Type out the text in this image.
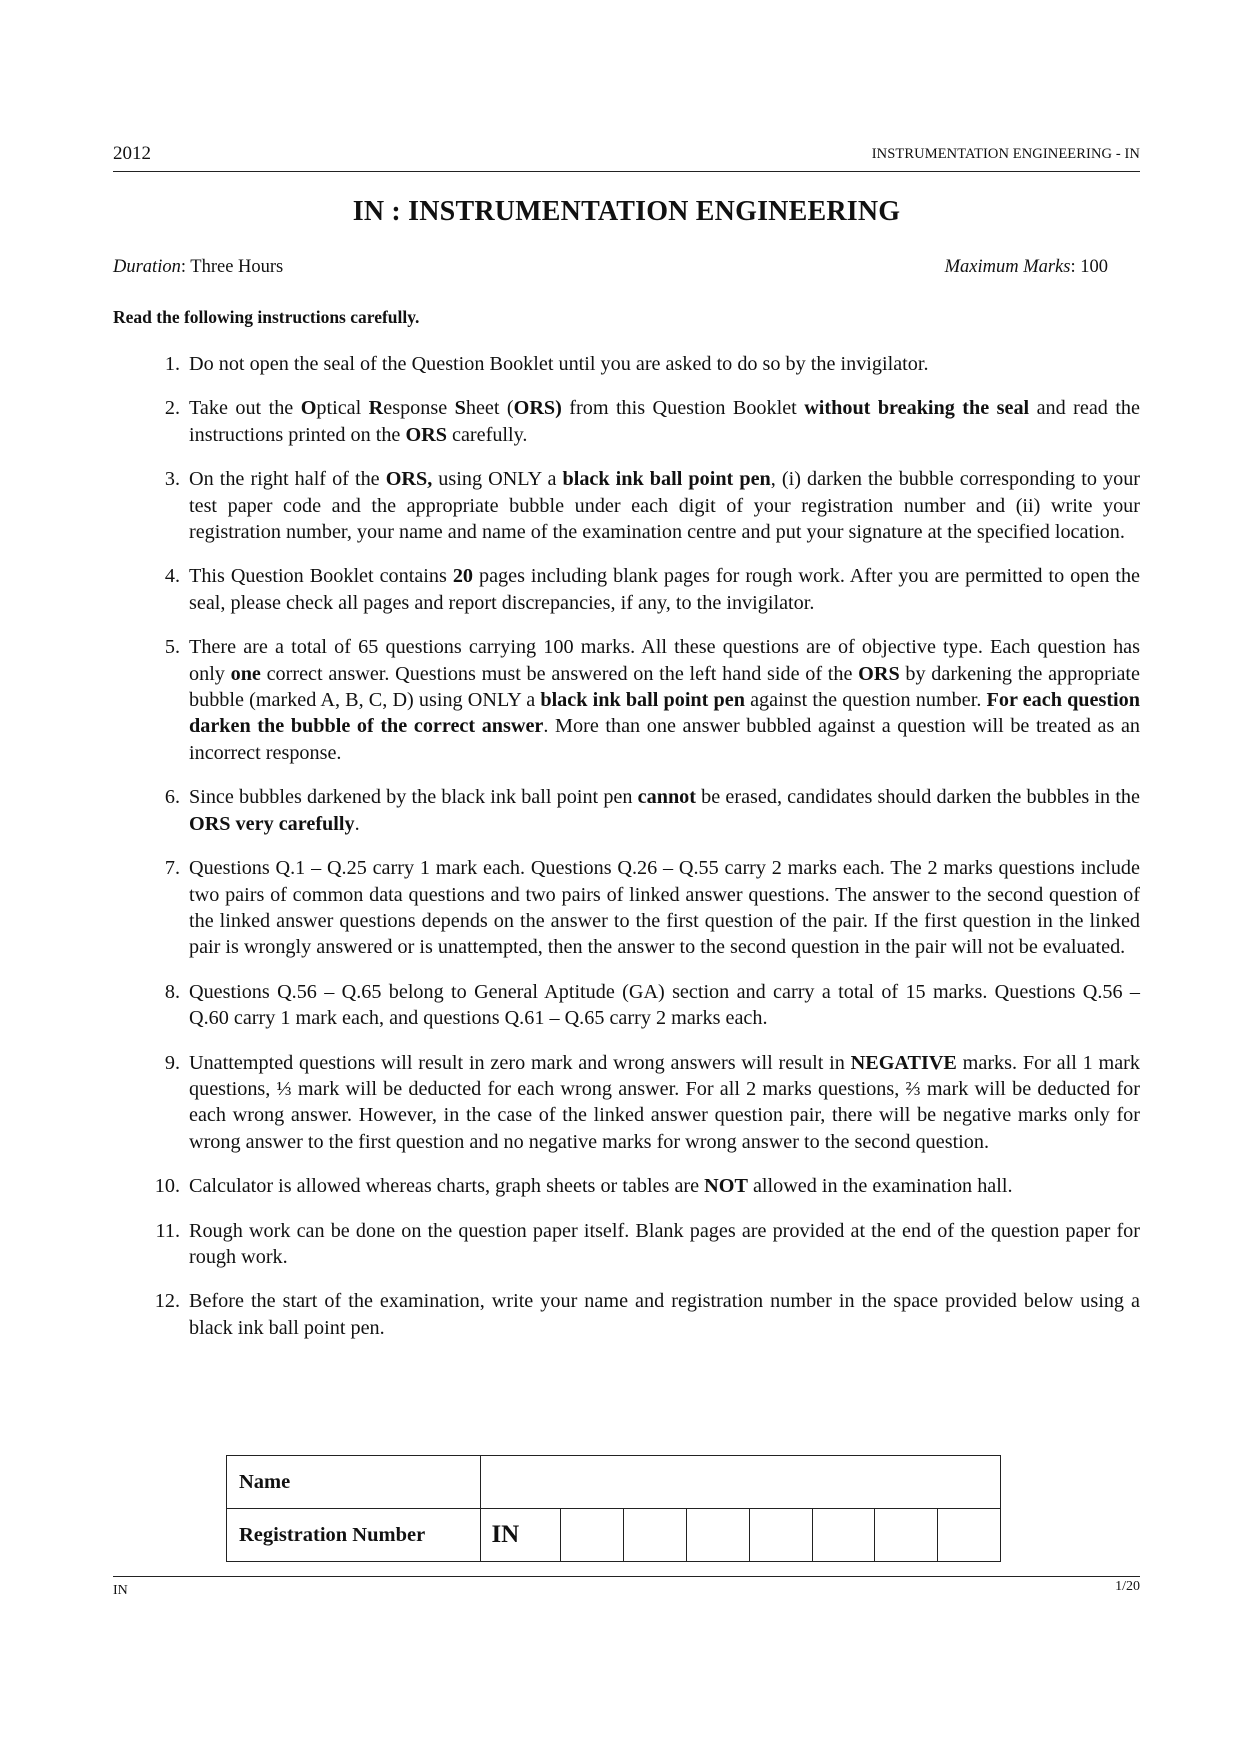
2012	INSTRUMENTATION ENGINEERING - IN
IN : INSTRUMENTATION ENGINEERING
Duration: Three Hours	Maximum Marks: 100
Read the following instructions carefully.
1. Do not open the seal of the Question Booklet until you are asked to do so by the invigilator.
2. Take out the Optical Response Sheet (ORS) from this Question Booklet without breaking the seal and read the instructions printed on the ORS carefully.
3. On the right half of the ORS, using ONLY a black ink ball point pen, (i) darken the bubble corresponding to your test paper code and the appropriate bubble under each digit of your registration number and (ii) write your registration number, your name and name of the examination centre and put your signature at the specified location.
4. This Question Booklet contains 20 pages including blank pages for rough work. After you are permitted to open the seal, please check all pages and report discrepancies, if any, to the invigilator.
5. There are a total of 65 questions carrying 100 marks. All these questions are of objective type. Each question has only one correct answer. Questions must be answered on the left hand side of the ORS by darkening the appropriate bubble (marked A, B, C, D) using ONLY a black ink ball point pen against the question number. For each question darken the bubble of the correct answer. More than one answer bubbled against a question will be treated as an incorrect response.
6. Since bubbles darkened by the black ink ball point pen cannot be erased, candidates should darken the bubbles in the ORS very carefully.
7. Questions Q.1 – Q.25 carry 1 mark each. Questions Q.26 – Q.55 carry 2 marks each. The 2 marks questions include two pairs of common data questions and two pairs of linked answer questions. The answer to the second question of the linked answer questions depends on the answer to the first question of the pair. If the first question in the linked pair is wrongly answered or is unattempted, then the answer to the second question in the pair will not be evaluated.
8. Questions Q.56 – Q.65 belong to General Aptitude (GA) section and carry a total of 15 marks. Questions Q.56 – Q.60 carry 1 mark each, and questions Q.61 – Q.65 carry 2 marks each.
9. Unattempted questions will result in zero mark and wrong answers will result in NEGATIVE marks. For all 1 mark questions, ⅓ mark will be deducted for each wrong answer. For all 2 marks questions, ⅔ mark will be deducted for each wrong answer. However, in the case of the linked answer question pair, there will be negative marks only for wrong answer to the first question and no negative marks for wrong answer to the second question.
10. Calculator is allowed whereas charts, graph sheets or tables are NOT allowed in the examination hall.
11. Rough work can be done on the question paper itself. Blank pages are provided at the end of the question paper for rough work.
12. Before the start of the examination, write your name and registration number in the space provided below using a black ink ball point pen.
Name								
Registration Number	IN							
IN	1/20
